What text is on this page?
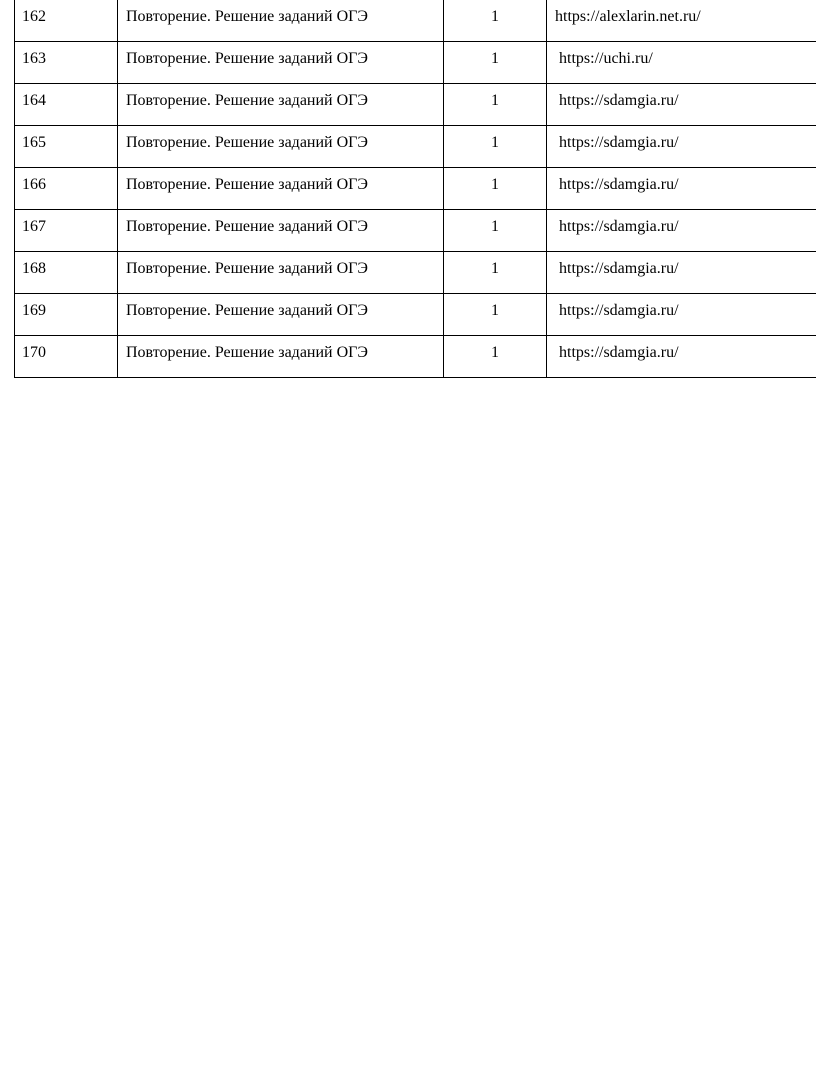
162	Повторение. Решение заданий ОГЭ	1	https://alexlarin.net.ru/

163	Повторение. Решение заданий ОГЭ	1	https://uchi.ru/

164	Повторение. Решение заданий ОГЭ	1	https://sdamgia.ru/

165	Повторение. Решение заданий ОГЭ	1	https://sdamgia.ru/

166	Повторение. Решение заданий ОГЭ	1	https://sdamgia.ru/

167	Повторение. Решение заданий ОГЭ	1	https://sdamgia.ru/

168	Повторение. Решение заданий ОГЭ	1	https://sdamgia.ru/

169	Повторение. Решение заданий ОГЭ	1	https://sdamgia.ru/

170	Повторение. Решение заданий ОГЭ	1	https://sdamgia.ru/
